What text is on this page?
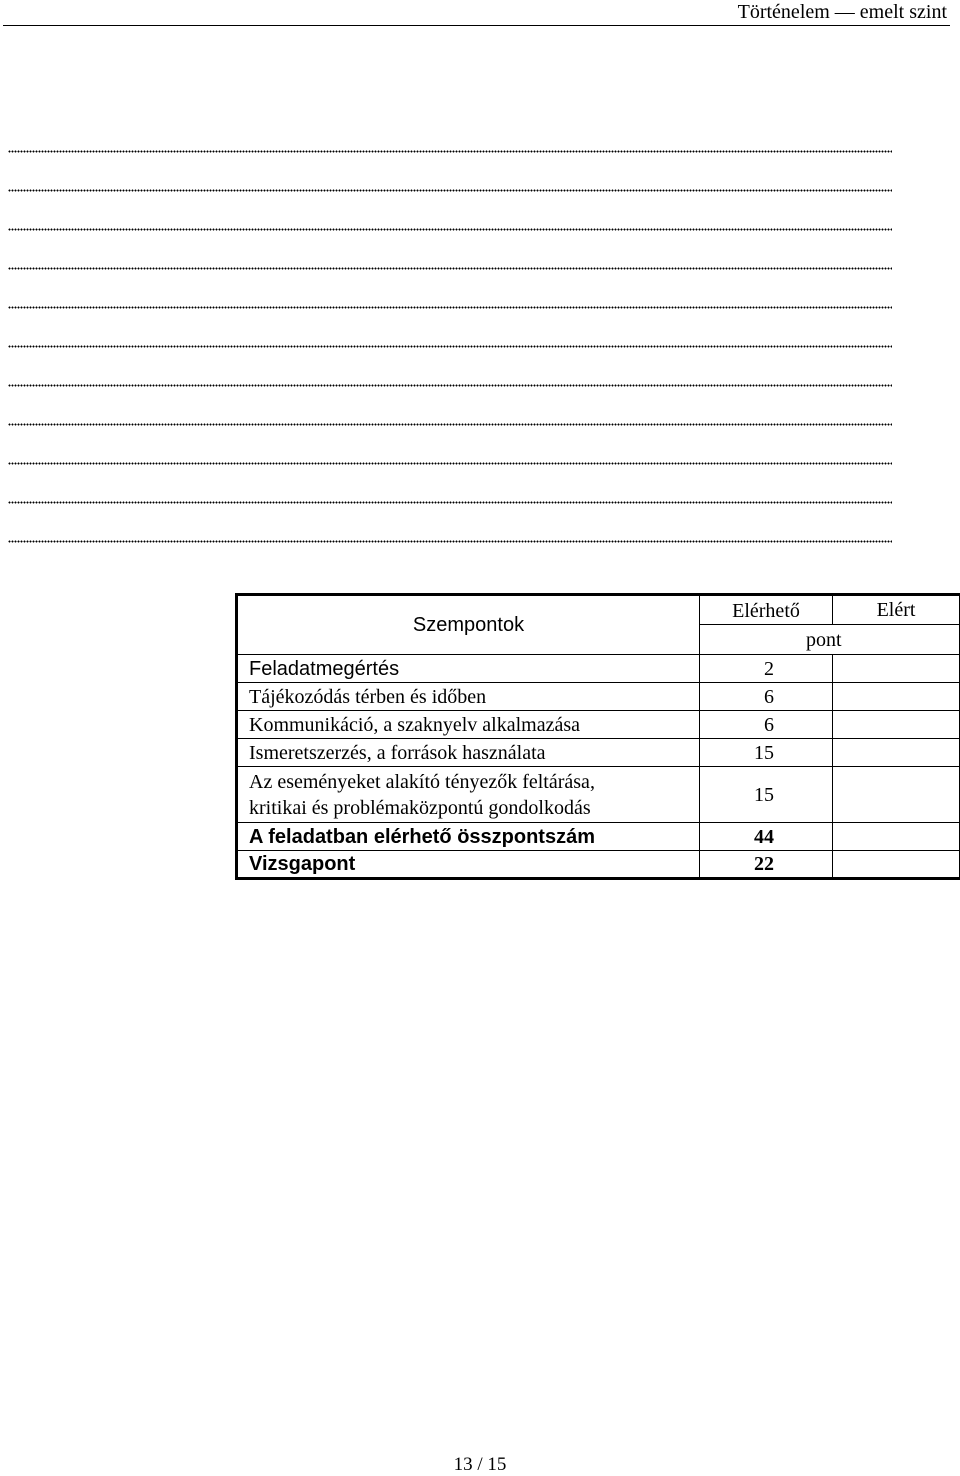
Történelem — emelt szint
Szempontok	Elérhető	Elért
	pont	
Feladatmegértés	2	
Tájékozódás térben és időben	6	
Kommunikáció, a szaknyelv alkalmazása	6	
Ismeretszerzés, a források használata	15	

Az eseményeket alakító tényezők feltárása,
kritikai és problémaközpontú gondolkodás	15	
A feladatban elérhető összpontszám	44	
Vizsgapont	22	
13 / 15
